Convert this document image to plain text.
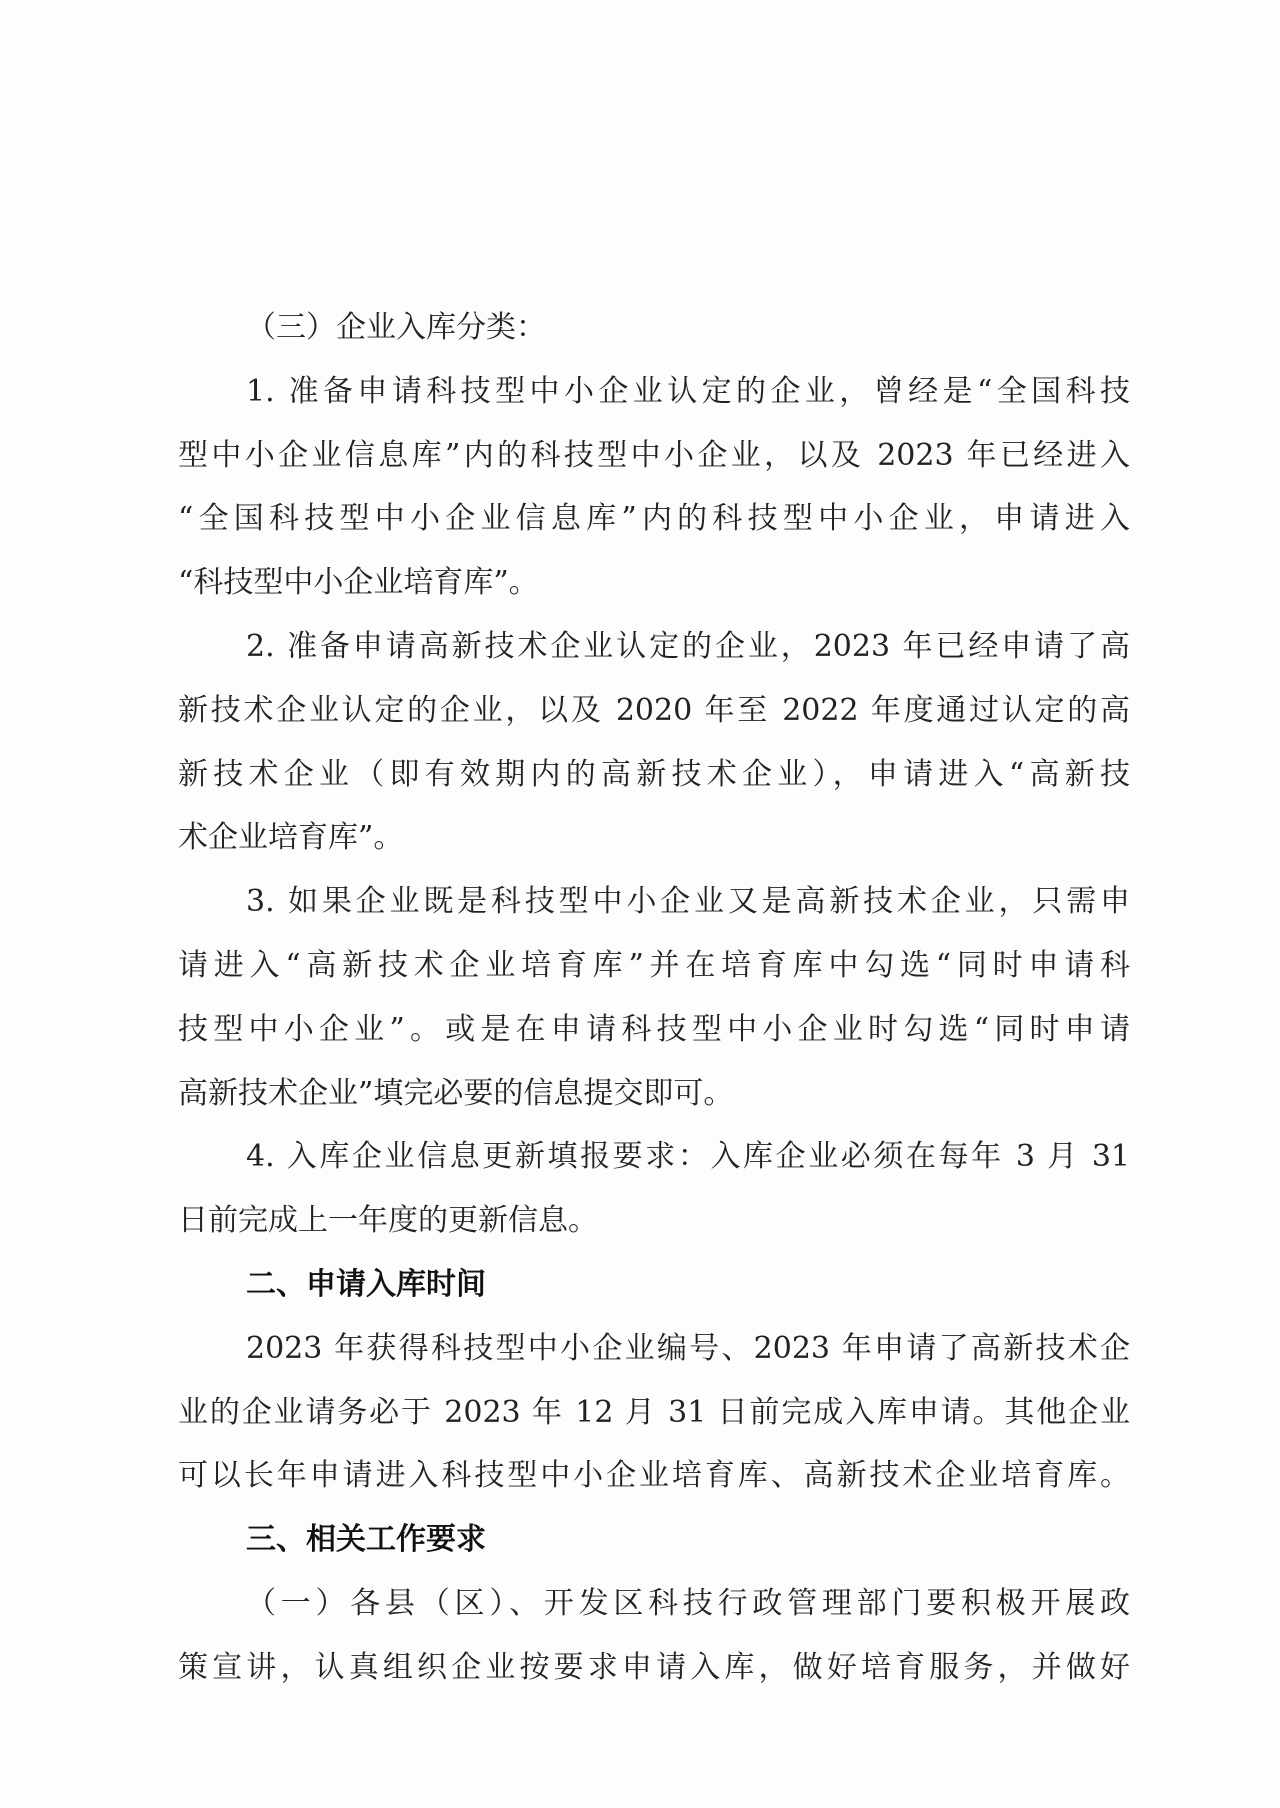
（三）企业入库分类：
1. 准备申请科技型中小企业认定的企业，曾经是“全国科技
型中小企业信息库”内的科技型中小企业，以及 2023 年已经进入
“全国科技型中小企业信息库”内的科技型中小企业，申请进入
“科技型中小企业培育库”。
2. 准备申请高新技术企业认定的企业，2023 年已经申请了高
新技术企业认定的企业，以及 2020 年至 2022 年度通过认定的高
新技术企业（即有效期内的高新技术企业），申请进入“高新技
术企业培育库”。
3. 如果企业既是科技型中小企业又是高新技术企业，只需申
请进入“高新技术企业培育库”并在培育库中勾选“同时申请科
技型中小企业”。或是在申请科技型中小企业时勾选“同时申请
高新技术企业”填完必要的信息提交即可。
4. 入库企业信息更新填报要求：入库企业必须在每年 3 月 31
日前完成上一年度的更新信息。
二、申请入库时间
2023 年获得科技型中小企业编号、2023 年申请了高新技术企
业的企业请务必于 2023 年 12 月 31 日前完成入库申请。其他企业
可以长年申请进入科技型中小企业培育库、高新技术企业培育库。
三、相关工作要求
（一）各县（区）、开发区科技行政管理部门要积极开展政
策宣讲，认真组织企业按要求申请入库，做好培育服务，并做好
